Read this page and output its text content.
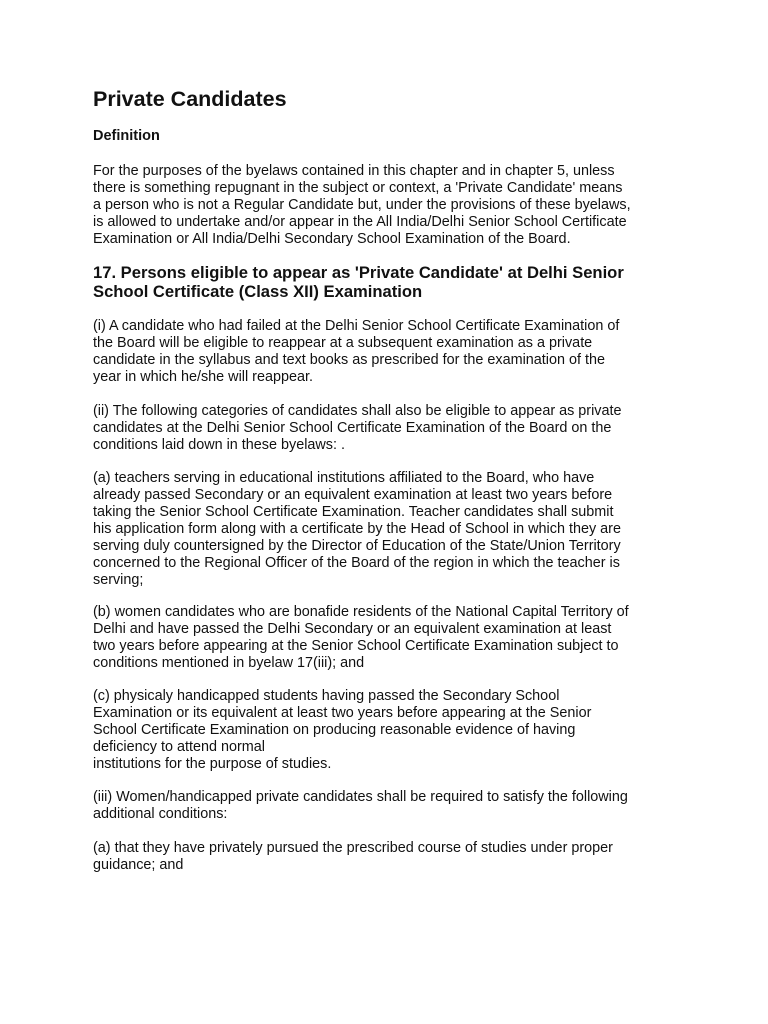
Private Candidates
Definition
For the purposes of the byelaws contained in this chapter and in chapter 5, unless
there is something repugnant in the subject or context, a 'Private Candidate' means
a person who is not a Regular Candidate but, under the provisions of these byelaws,
is allowed to undertake and/or appear in the All India/Delhi Senior School Certificate
Examination or All India/Delhi Secondary School Examination of the Board.
17. Persons eligible to appear as 'Private Candidate' at Delhi Senior
School Certificate (Class XII) Examination
(i) A candidate who had failed at the Delhi Senior School Certificate Examination of
the Board will be eligible to reappear at a subsequent examination as a private
candidate in the syllabus and text books as prescribed for the examination of the
year in which he/she will reappear.
(ii) The following categories of candidates shall also be eligible to appear as private
candidates at the Delhi Senior School Certificate Examination of the Board on the
conditions laid down in these byelaws: .
(a) teachers serving in educational institutions affiliated to the Board, who have
already passed Secondary or an equivalent examination at least two years before
taking the Senior School Certificate Examination. Teacher candidates shall submit
his application form along with a certificate by the Head of School in which they are
serving duly countersigned by the Director of Education of the State/Union Territory
concerned to the Regional Officer of the Board of the region in which the teacher is
serving;
(b) women candidates who are bonafide residents of the National Capital Territory of
Delhi and have passed the Delhi Secondary or an equivalent examination at least
two years before appearing at the Senior School Certificate Examination subject to
conditions mentioned in byelaw 17(iii); and
(c) physicaly handicapped students having passed the Secondary School
Examination or its equivalent at least two years before appearing at the Senior
School Certificate Examination on producing reasonable evidence of having
deficiency to attend normal
institutions for the purpose of studies.
(iii) Women/handicapped private candidates shall be required to satisfy the following
additional conditions:
(a) that they have privately pursued the prescribed course of studies under proper
guidance; and
